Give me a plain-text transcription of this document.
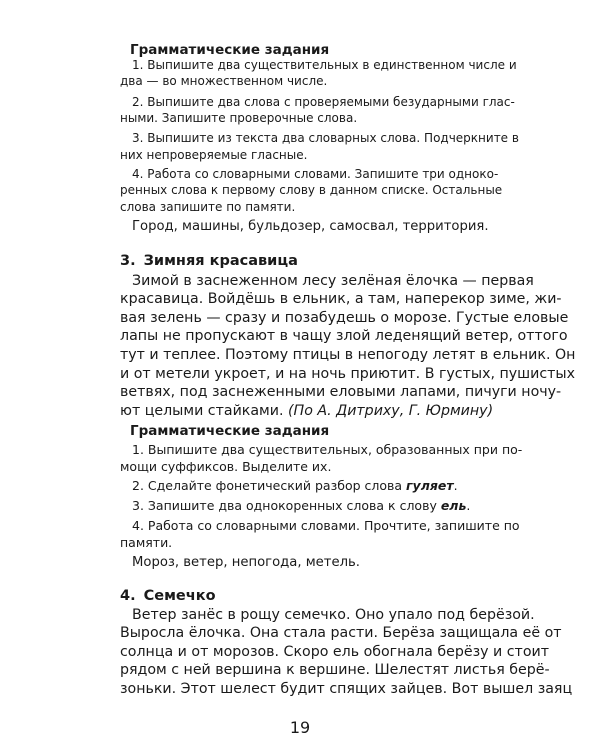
Грамматические задания
1. Выпишите два существительных в единственном числе и
два — во множественном числе.
2. Выпишите два слова с проверяемыми безударными глас-
ными. Запишите проверочные слова.
3. Выпишите из текста два словарных слова. Подчеркните в
них непроверяемые гласные.
4. Работа со словарными словами. Запишите три одноко-
ренных слова к первому слову в данном списке. Остальные
слова запишите по памяти.
Город, машины, бульдозер, самосвал, территория.
3. Зимняя красавица
Зимой в заснеженном лесу зелёная ёлочка — первая
красавица. Войдёшь в ельник, а там, наперекор зиме, жи-
вая зелень — сразу и позабудешь о морозе. Густые еловые
лапы не пропускают в чащу злой леденящий ветер, оттого
тут и теплее. Поэтому птицы в непогоду летят в ельник. Он
и от метели укроет, и на ночь приютит. В густых, пушистых
ветвях, под заснеженными еловыми лапами, пичуги ночу-
ют целыми стайками. (По А. Дитриху, Г. Юрмину)
Грамматические задания
1. Выпишите два существительных, образованных при по-
мощи суффиксов. Выделите их.
2. Сделайте фонетический разбор слова гуляет.
3. Запишите два однокоренных слова к слову ель.
4. Работа со словарными словами. Прочтите, запишите по
памяти.
Мороз, ветер, непогода, метель.
4. Семечко
Ветер занёс в рощу семечко. Оно упало под берёзой.
Выросла ёлочка. Она стала расти. Берёза защищала её от
солнца и от морозов. Скоро ель обогнала берёзу и стоит
рядом с ней вершина к вершине. Шелестят листья берё-
зоньки. Этот шелест будит спящих зайцев. Вот вышел заяц
19
